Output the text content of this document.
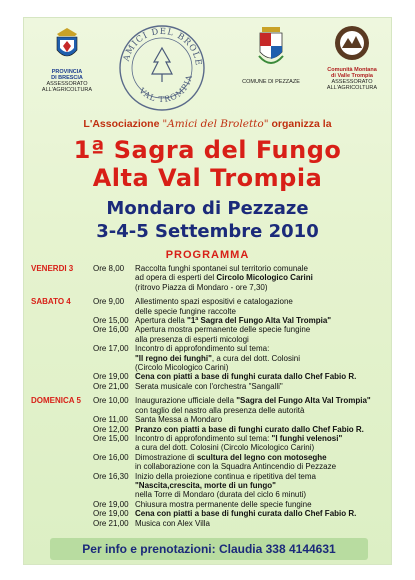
PROVINCIA
DI BRESCIA
ASSESSORATO
ALL'AGRICOLTURA
AMICI DEL BROLE
VAL TROMPIA	COMUNE DI PEZZAZE
Comunità Montana
di Valle Trompia
ASSESSORATO
ALL'AGRICOLTURA
L'Associazione "Amici del Broletto" organizza la
1ª Sagra del Fungo
Alta Val Trompia
Mondaro di Pezzaze
3-4-5 Settembre 2010
PROGRAMMA
VENERDI 3	Ore 8,00	Raccolta funghi spontanei sul territorio comunale
ad opera di esperti del Circolo Micologico Carini
(ritrovo Piazza di Mondaro - ore 7,30)
SABATO 4	Ore 9,00	Allestimento spazi espositivi e catalogazione
delle specie fungine raccolte
Ore 15,00 Apertura della "1ª Sagra del Fungo Alta Val Trompia"
Ore 16,00 Apertura mostra permanente delle specie fungine
alla presenza di esperti micologi
Ore 17,00 Incontro di approfondimento sul tema:
"Il regno dei funghi", a cura del dott. Colosini
(Circolo Micologico Carini)
Ore 19,00 Cena con piatti a base di funghi curata dallo Chef Fabio R.
Ore 21,00 Serata musicale con l'orchestra "Sangalli"
DOMENICA 5	Ore 10,00 Inaugurazione ufficiale della "Sagra del Fungo Alta Val Trompia"
con taglio del nastro alla presenza delle autorità
Ore 11,00 Santa Messa a Mondaro
Ore 12,00 Pranzo con piatti a base di funghi curato dallo Chef Fabio R.
Ore 15,00 Incontro di approfondimento sul tema: "I funghi velenosi"
a cura del dott. Colosini (Circolo Micologico Carini)
Ore 16,00 Dimostrazione di scultura del legno con motoseghe
in collaborazione con la Squadra Antincendio di Pezzaze
Ore 16,30 Inizio della proiezione continua e ripetitiva del tema
"Nascita,crescita, morte di un fungo"
nella Torre di Mondaro (durata del ciclo 6 minuti)
Ore 19,00 Chiusura mostra permanente delle specie fungine
Ore 19,00 Cena con piatti a base di funghi curata dallo Chef Fabio R.
Ore 21,00 Musica con Alex Villa
Per info e prenotazioni: Claudia 338 4144631
